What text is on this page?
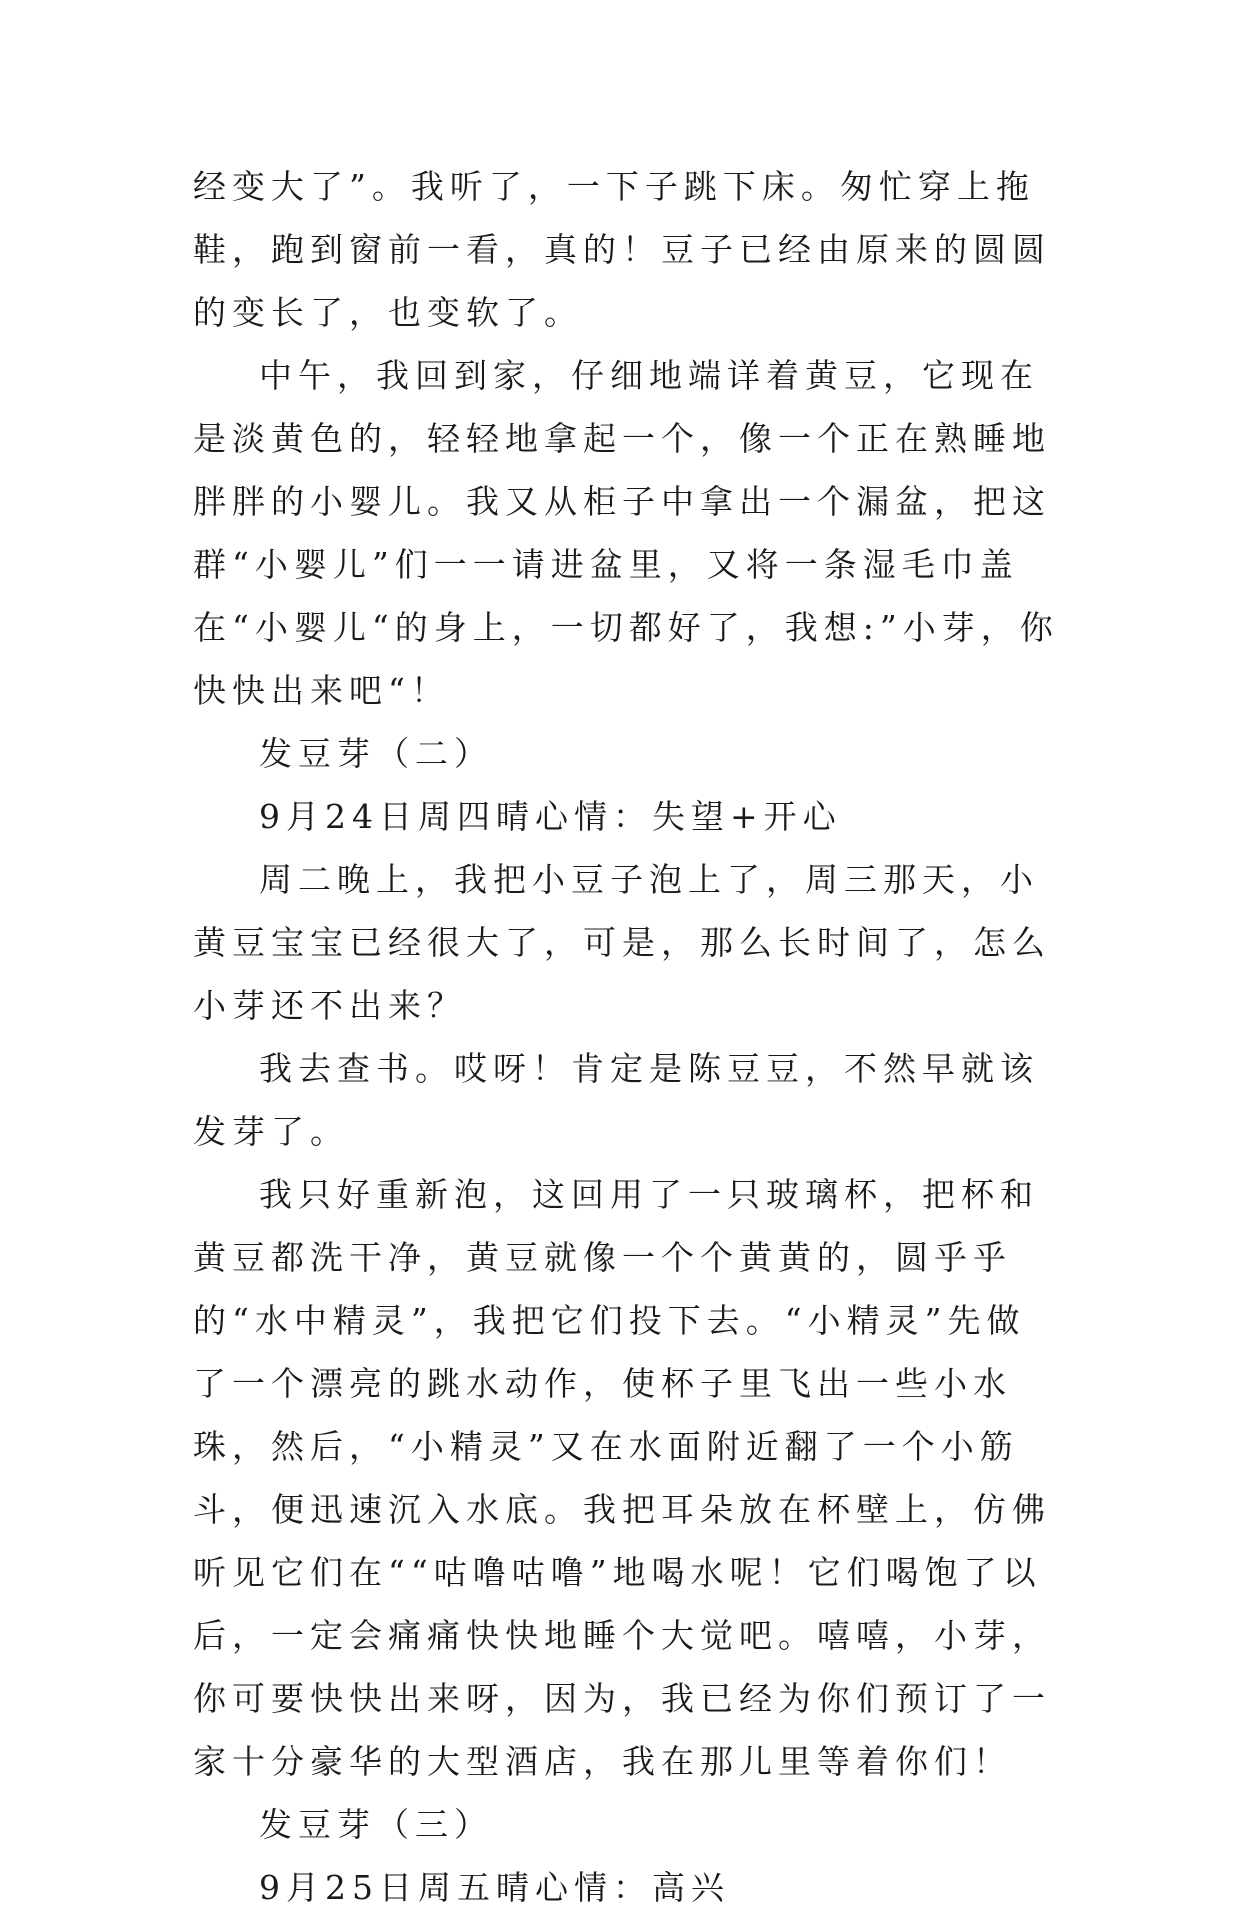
经变大了”。我听了，一下子跳下床。匆忙穿上拖鞋，跑到窗前一看，真的！豆子已经由原来的圆圆的变长了，也变软了。

中午，我回到家，仔细地端详着黄豆，它现在是淡黄色的，轻轻地拿起一个，像一个正在熟睡地胖胖的小婴儿。我又从柜子中拿出一个漏盆，把这群“小婴儿”们一一请进盆里，又将一条湿毛巾盖在“小婴儿“的身上，一切都好了，我想:”小芽，你快快出来吧“！

发豆芽（二）

9月24日周四晴心情：失望+开心

周二晚上，我把小豆子泡上了，周三那天，小黄豆宝宝已经很大了，可是，那么长时间了，怎么小芽还不出来？

我去查书。哎呀！肯定是陈豆豆，不然早就该发芽了。

我只好重新泡，这回用了一只玻璃杯，把杯和黄豆都洗干净，黄豆就像一个个黄黄的，圆乎乎的“水中精灵”，我把它们投下去。“小精灵”先做了一个漂亮的跳水动作，使杯子里飞出一些小水珠，然后，“小精灵”又在水面附近翻了一个小筋斗，便迅速沉入水底。我把耳朵放在杯壁上，仿佛听见它们在““咕噜咕噜”地喝水呢！它们喝饱了以后，一定会痛痛快快地睡个大觉吧。嘻嘻，小芽，你可要快快出来呀，因为，我已经为你们预订了一家十分豪华的大型酒店，我在那儿里等着你们！

发豆芽（三）

9月25日周五晴心情：高兴
